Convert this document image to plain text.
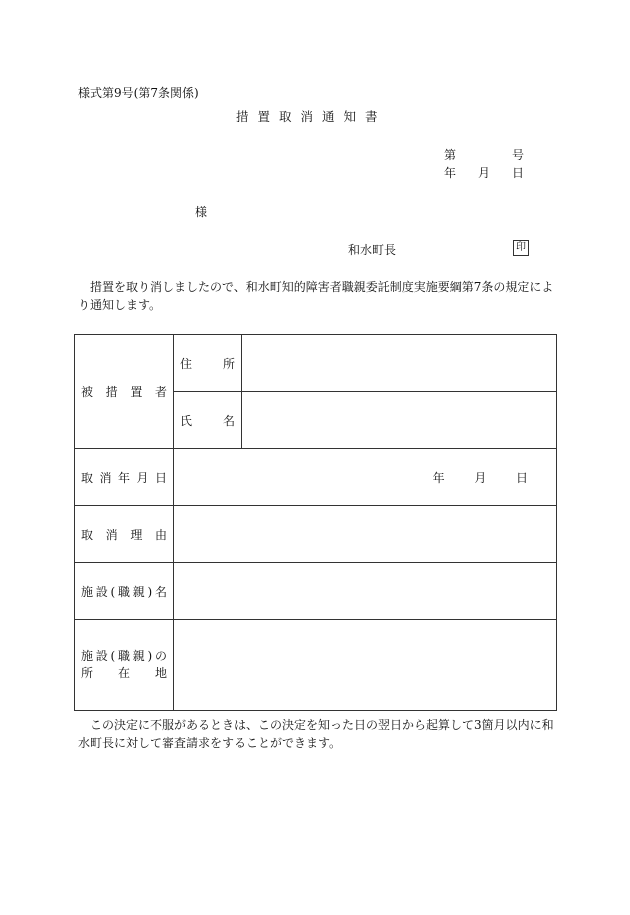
様式第9号(第7条関係)
措置取消通知書
第	号
年 月 日
様
和水町長	印

措置を取り消しましたので、和水町知的障害者職親委託制度実施要綱第7条の規定により通知します。

被措置者	住所	
	氏名	
取消年月日	年 月 日	
取消理由		
施設(職親)名		

施設(職親)の
所在地		

この決定に不服があるときは、この決定を知った日の翌日から起算して3箇月以内に和水町長に対して審査請求をすることができます。
